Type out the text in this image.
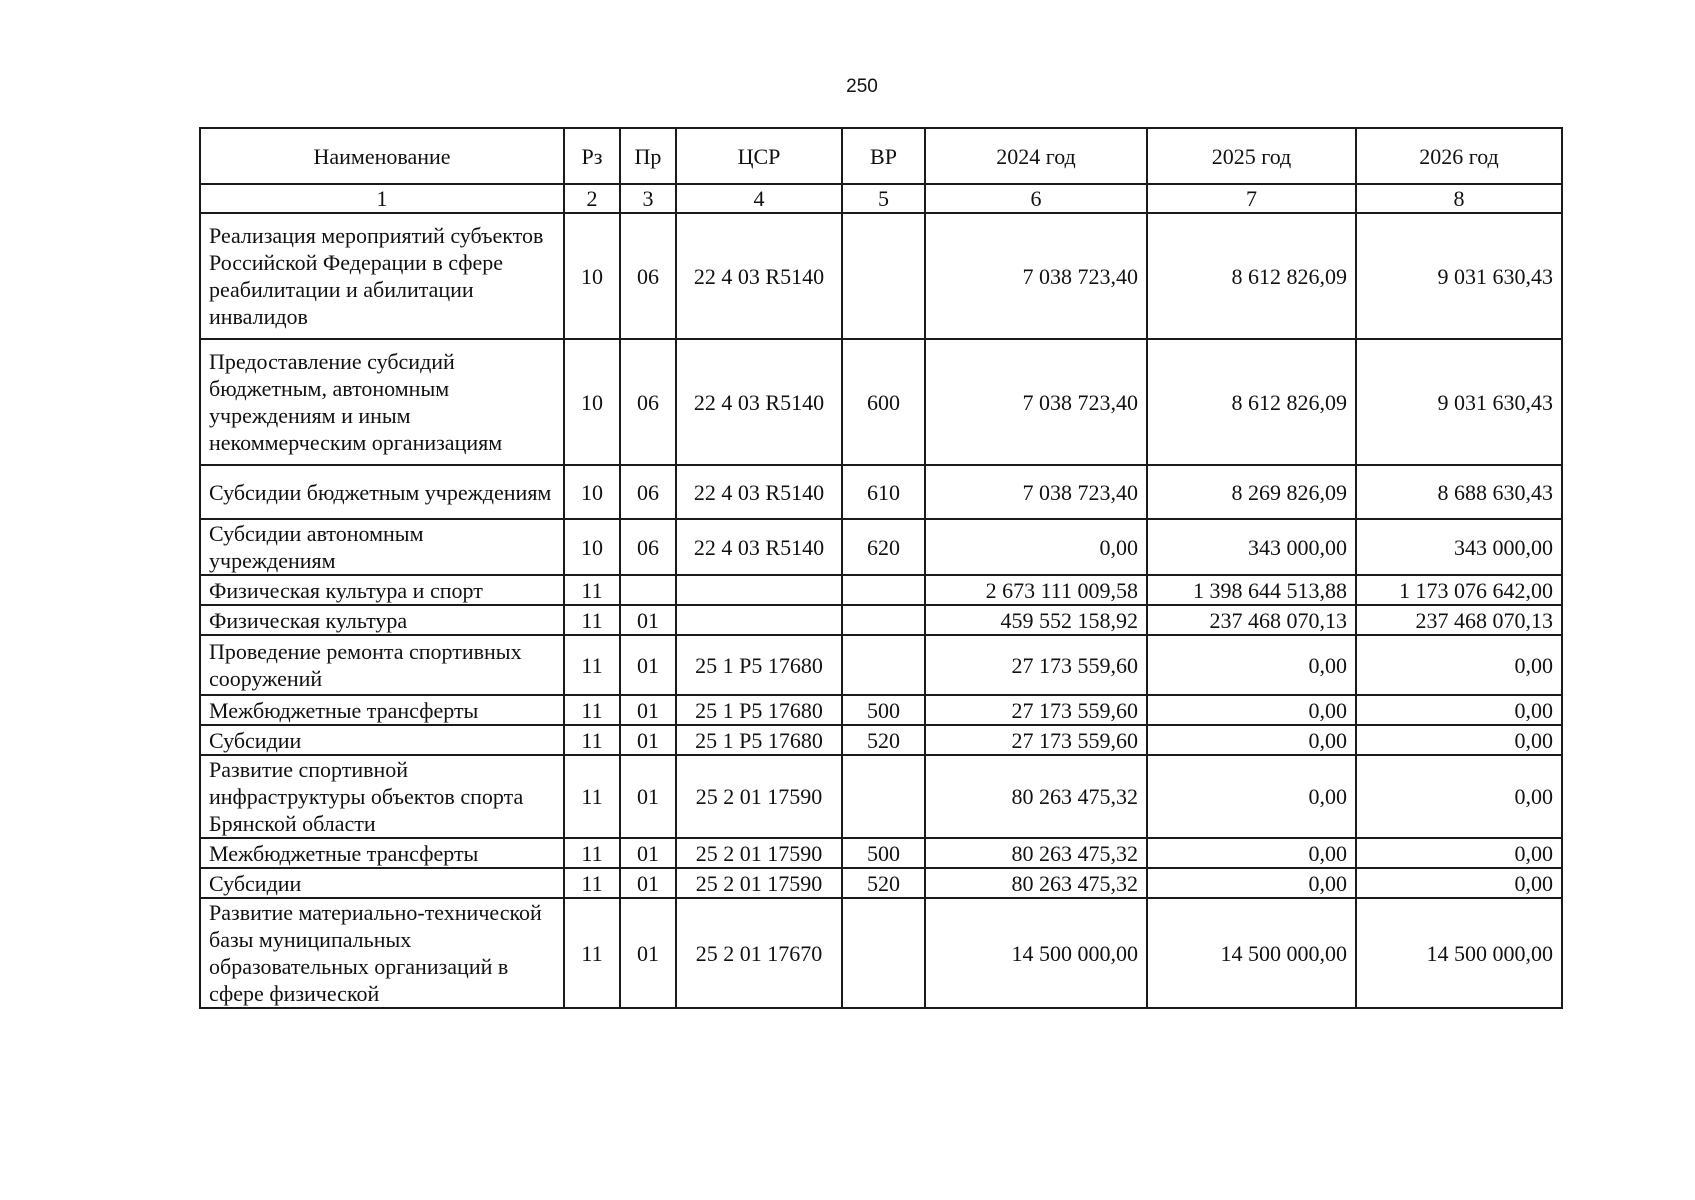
250
Наименование	Рз	Пр	ЦСР	ВР	2024 год	2025 год	2026 год
1	2	3	4	5	6	7	8
Реализация мероприятий субъектов Российской Федерации в сфере реабилитации и абилитации инвалидов	10	06	22 4 03 R5140		7 038 723,40	8 612 826,09	9 031 630,43
Предоставление субсидий бюджетным, автономным учреждениям и иным некоммерческим организациям	10	06	22 4 03 R5140	600	7 038 723,40	8 612 826,09	9 031 630,43
Субсидии бюджетным учреждениям	10	06	22 4 03 R5140	610	7 038 723,40	8 269 826,09	8 688 630,43
Субсидии автономным учреждениям	10	06	22 4 03 R5140	620	0,00	343 000,00	343 000,00
Физическая культура и спорт	11				2 673 111 009,58	1 398 644 513,88	1 173 076 642,00
Физическая культура	11	01			459 552 158,92	237 468 070,13	237 468 070,13
Проведение ремонта спортивных сооружений	11	01	25 1 P5 17680		27 173 559,60	0,00	0,00
Межбюджетные трансферты	11	01	25 1 P5 17680	500	27 173 559,60	0,00	0,00
Субсидии	11	01	25 1 P5 17680	520	27 173 559,60	0,00	0,00
Развитие спортивной инфраструктуры объектов спорта Брянской области	11	01	25 2 01 17590		80 263 475,32	0,00	0,00
Межбюджетные трансферты	11	01	25 2 01 17590	500	80 263 475,32	0,00	0,00
Субсидии	11	01	25 2 01 17590	520	80 263 475,32	0,00	0,00
Развитие материально-технической базы муниципальных образовательных организаций в сфере физической	11	01	25 2 01 17670		14 500 000,00	14 500 000,00	14 500 000,00
